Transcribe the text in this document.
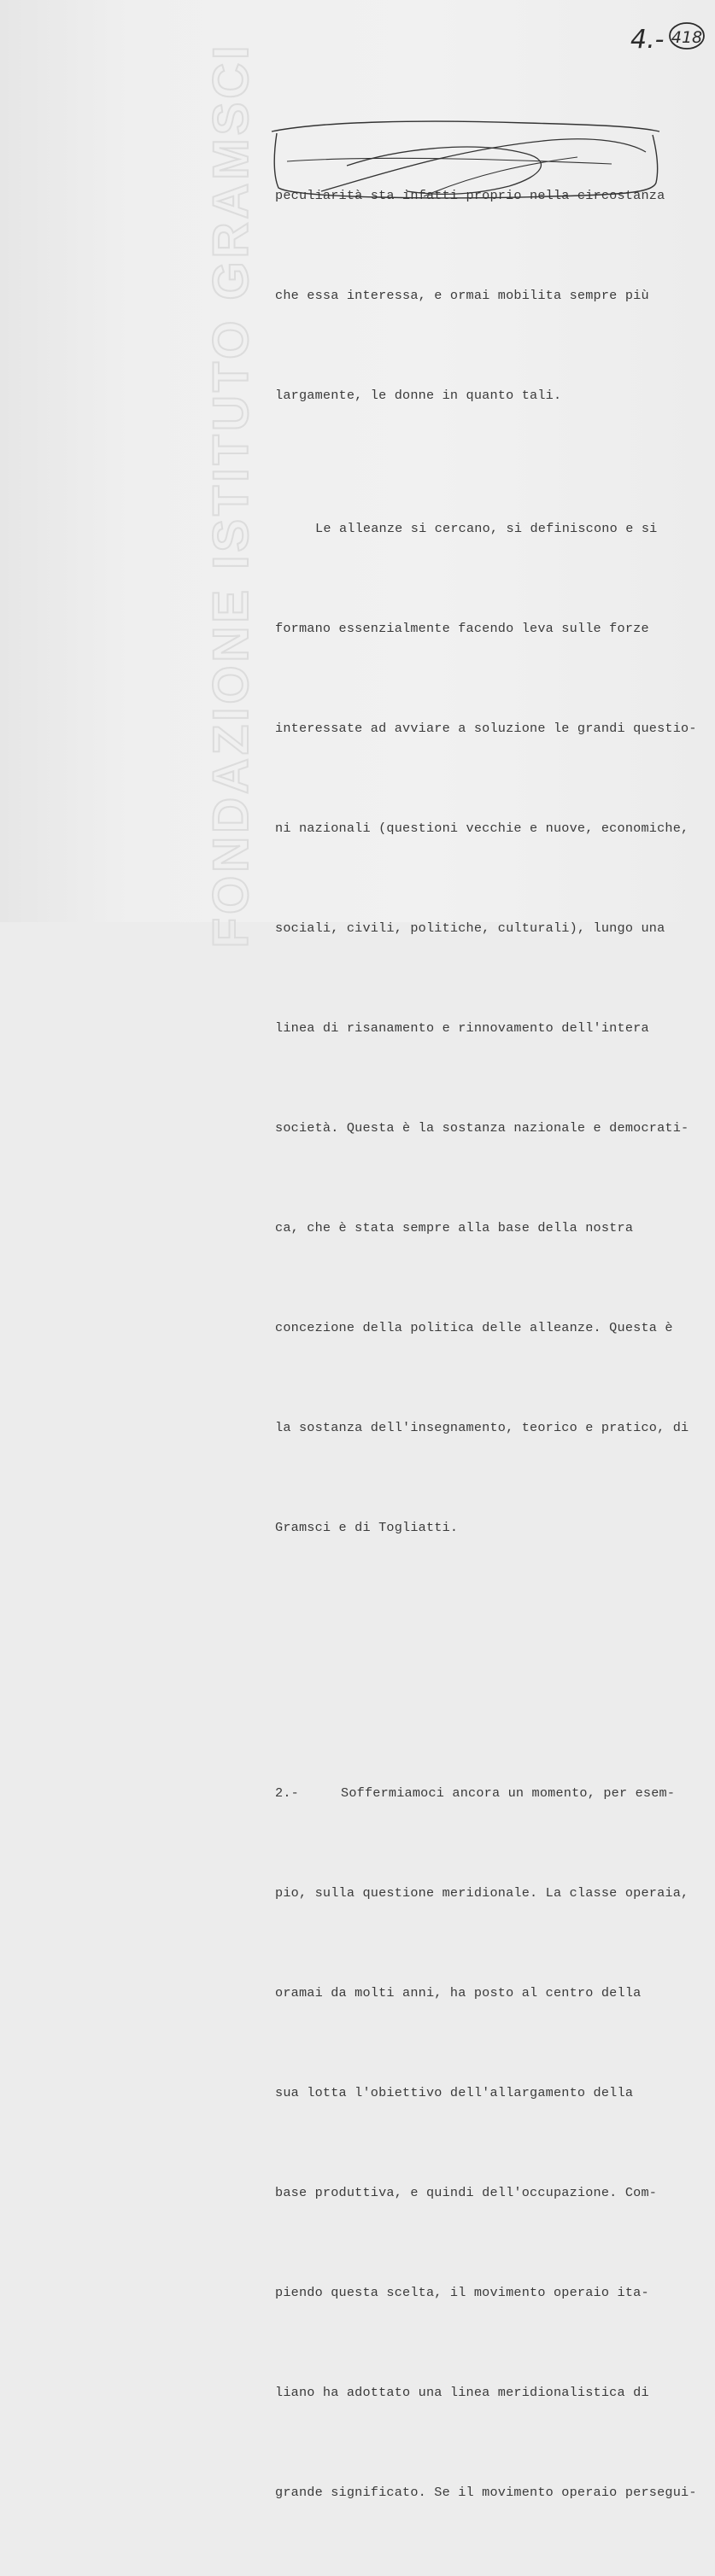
FONDAZIONE ISTITUTO GRAMSCI
4.- 418

peculiarità sta infatti proprio nella circostanza

che essa interessa, e ormai mobilita sempre più

largamente, le donne in quanto tali.

Le alleanze si cercano, si definiscono e si

formano essenzialmente facendo leva sulle forze

interessate ad avviare a soluzione le grandi questio-

ni nazionali (questioni vecchie e nuove, economiche,

sociali, civili, politiche, culturali), lungo una

linea di risanamento e rinnovamento dell'intera

società. Questa è la sostanza nazionale e democrati-

ca, che è stata sempre alla base della nostra

concezione della politica delle alleanze. Questa è

la sostanza dell'insegnamento, teorico e pratico, di

Gramsci e di Togliatti.

2.-	Soffermiamoci ancora un momento, per esem-

pio, sulla questione meridionale. La classe operaia,

oramai da molti anni, ha posto al centro della

sua lotta l'obiettivo dell'allargamento della

base produttiva, e quindi dell'occupazione. Com-

piendo questa scelta, il movimento operaio ita-

liano ha adottato una linea meridionalistica di

grande significato. Se il movimento operaio persegui-
